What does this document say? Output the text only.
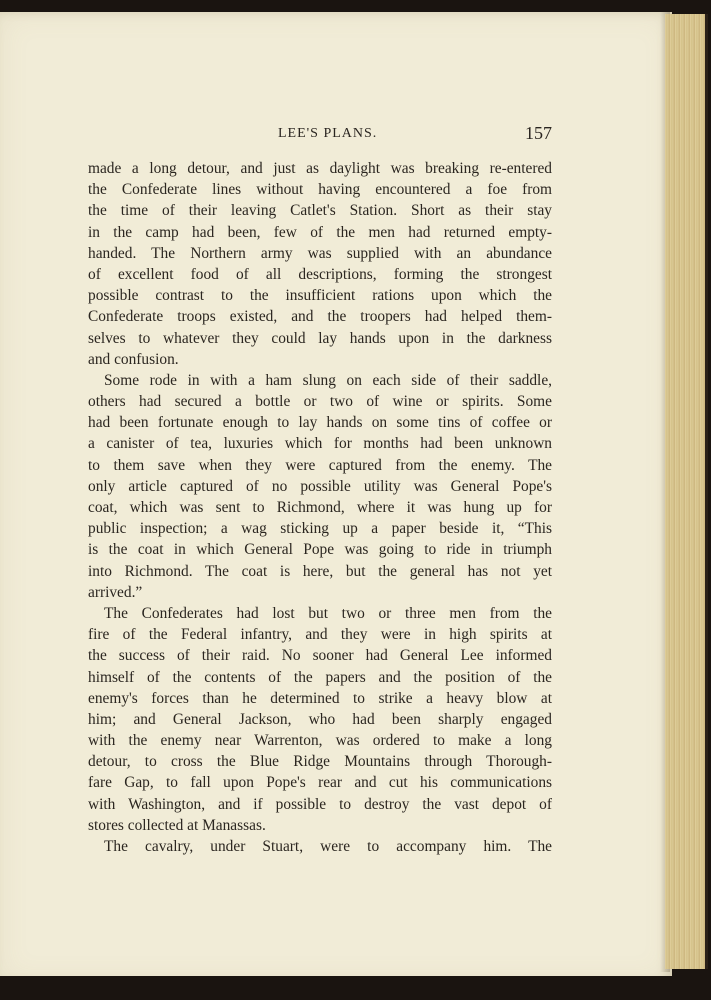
LEE'S PLANS.	157
made a long detour, and just as daylight was breaking re-entered
the Confederate lines without having encountered a foe from
the time of their leaving Catlet's Station. Short as their stay
in the camp had been, few of the men had returned empty-
handed. The Northern army was supplied with an abundance
of excellent food of all descriptions, forming the strongest
possible contrast to the insufficient rations upon which the
Confederate troops existed, and the troopers had helped them-
selves to whatever they could lay hands upon in the darkness
and confusion.
Some rode in with a ham slung on each side of their saddle,
others had secured a bottle or two of wine or spirits. Some
had been fortunate enough to lay hands on some tins of coffee or
a canister of tea, luxuries which for months had been unknown
to them save when they were captured from the enemy. The
only article captured of no possible utility was General Pope's
coat, which was sent to Richmond, where it was hung up for
public inspection; a wag sticking up a paper beside it, “This
is the coat in which General Pope was going to ride in triumph
into Richmond. The coat is here, but the general has not yet
arrived.”
The Confederates had lost but two or three men from the
fire of the Federal infantry, and they were in high spirits at
the success of their raid. No sooner had General Lee informed
himself of the contents of the papers and the position of the
enemy's forces than he determined to strike a heavy blow at
him; and General Jackson, who had been sharply engaged
with the enemy near Warrenton, was ordered to make a long
detour, to cross the Blue Ridge Mountains through Thorough-
fare Gap, to fall upon Pope's rear and cut his communications
with Washington, and if possible to destroy the vast depot of
stores collected at Manassas.
The cavalry, under Stuart, were to accompany him. The
